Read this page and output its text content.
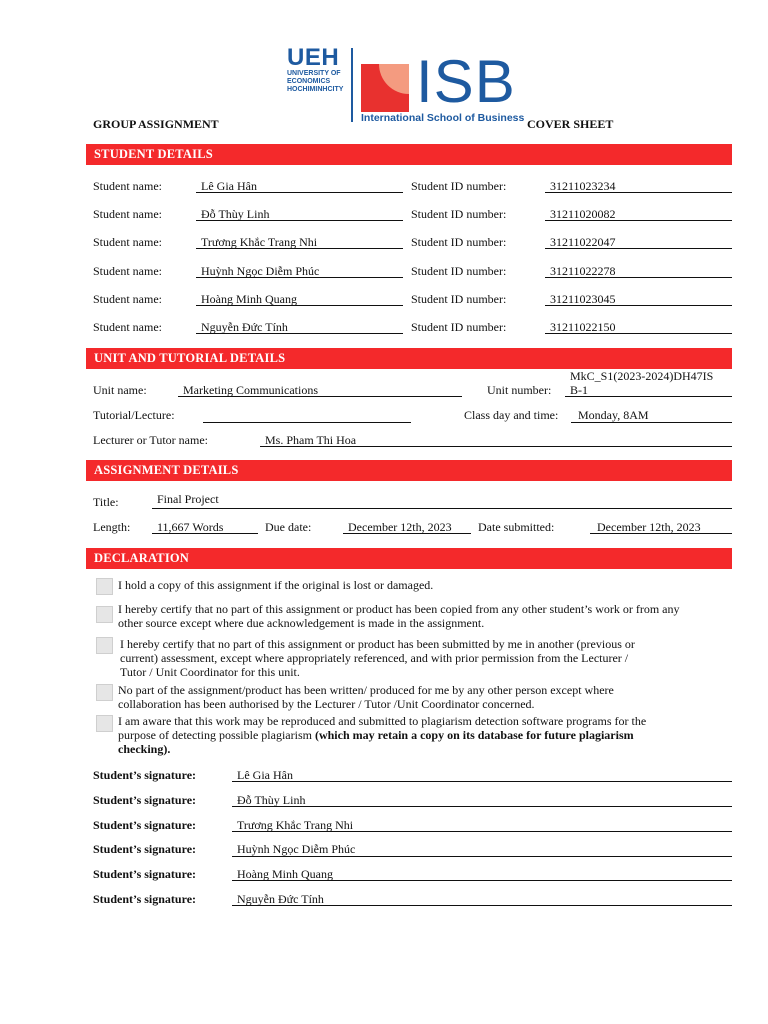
UEH
UNIVERSITY OF
ECONOMICS
HOCHIMINHCITY ISB
International School of Business
GROUP ASSIGNMENT	COVER SHEET
STUDENT DETAILS
Student name:	Lê Gia Hân	Student ID number:	31211023234
Student name:	Đỗ Thùy Linh	Student ID number:	31211020082
Student name:	Trương Khắc Trang Nhi	Student ID number:	31211022047
Student name:	Huỳnh Ngọc Diễm Phúc	Student ID number:	31211022278
Student name:	Hoàng Minh Quang	Student ID number:	31211023045
Student name:	Nguyễn Đức Tính	Student ID number:	31211022150
UNIT AND TUTORIAL DETAILS
Unit name:	Marketing Communications	Unit number:
MkC_S1(2023-2024)DH47IS
B-1
Tutorial/Lecture:	Class day and time: Monday, 8AM
Lecturer or Tutor name:	Ms. Pham Thi Hoa
ASSIGNMENT DETAILS
Title:	Final Project
Length: 11,667 Words	Due date:	December 12th, 2023 Date submitted:	December 12th, 2023
DECLARATION
I hold a copy of this assignment if the original is lost or damaged.
I hereby certify that no part of this assignment or product has been copied from any other student’s work or from any
other source except where due acknowledgement is made in the assignment.
I hereby certify that no part of this assignment or product has been submitted by me in another (previous or
current) assessment, except where appropriately referenced, and with prior permission from the Lecturer /
Tutor / Unit Coordinator for this unit.
No part of the assignment/product has been written/ produced for me by any other person except where
collaboration has been authorised by the Lecturer / Tutor /Unit Coordinator concerned.
I am aware that this work may be reproduced and submitted to plagiarism detection software programs for the
purpose of detecting possible plagiarism (which may retain a copy on its database for future plagiarism
checking).
Student’s signature:	Lê Gia Hân
Student’s signature:	Đỗ Thùy Linh
Student’s signature:	Trương Khắc Trang Nhi
Student’s signature:	Huỳnh Ngọc Diễm Phúc
Student’s signature:	Hoàng Minh Quang
Student’s signature:	Nguyễn Đức Tính
